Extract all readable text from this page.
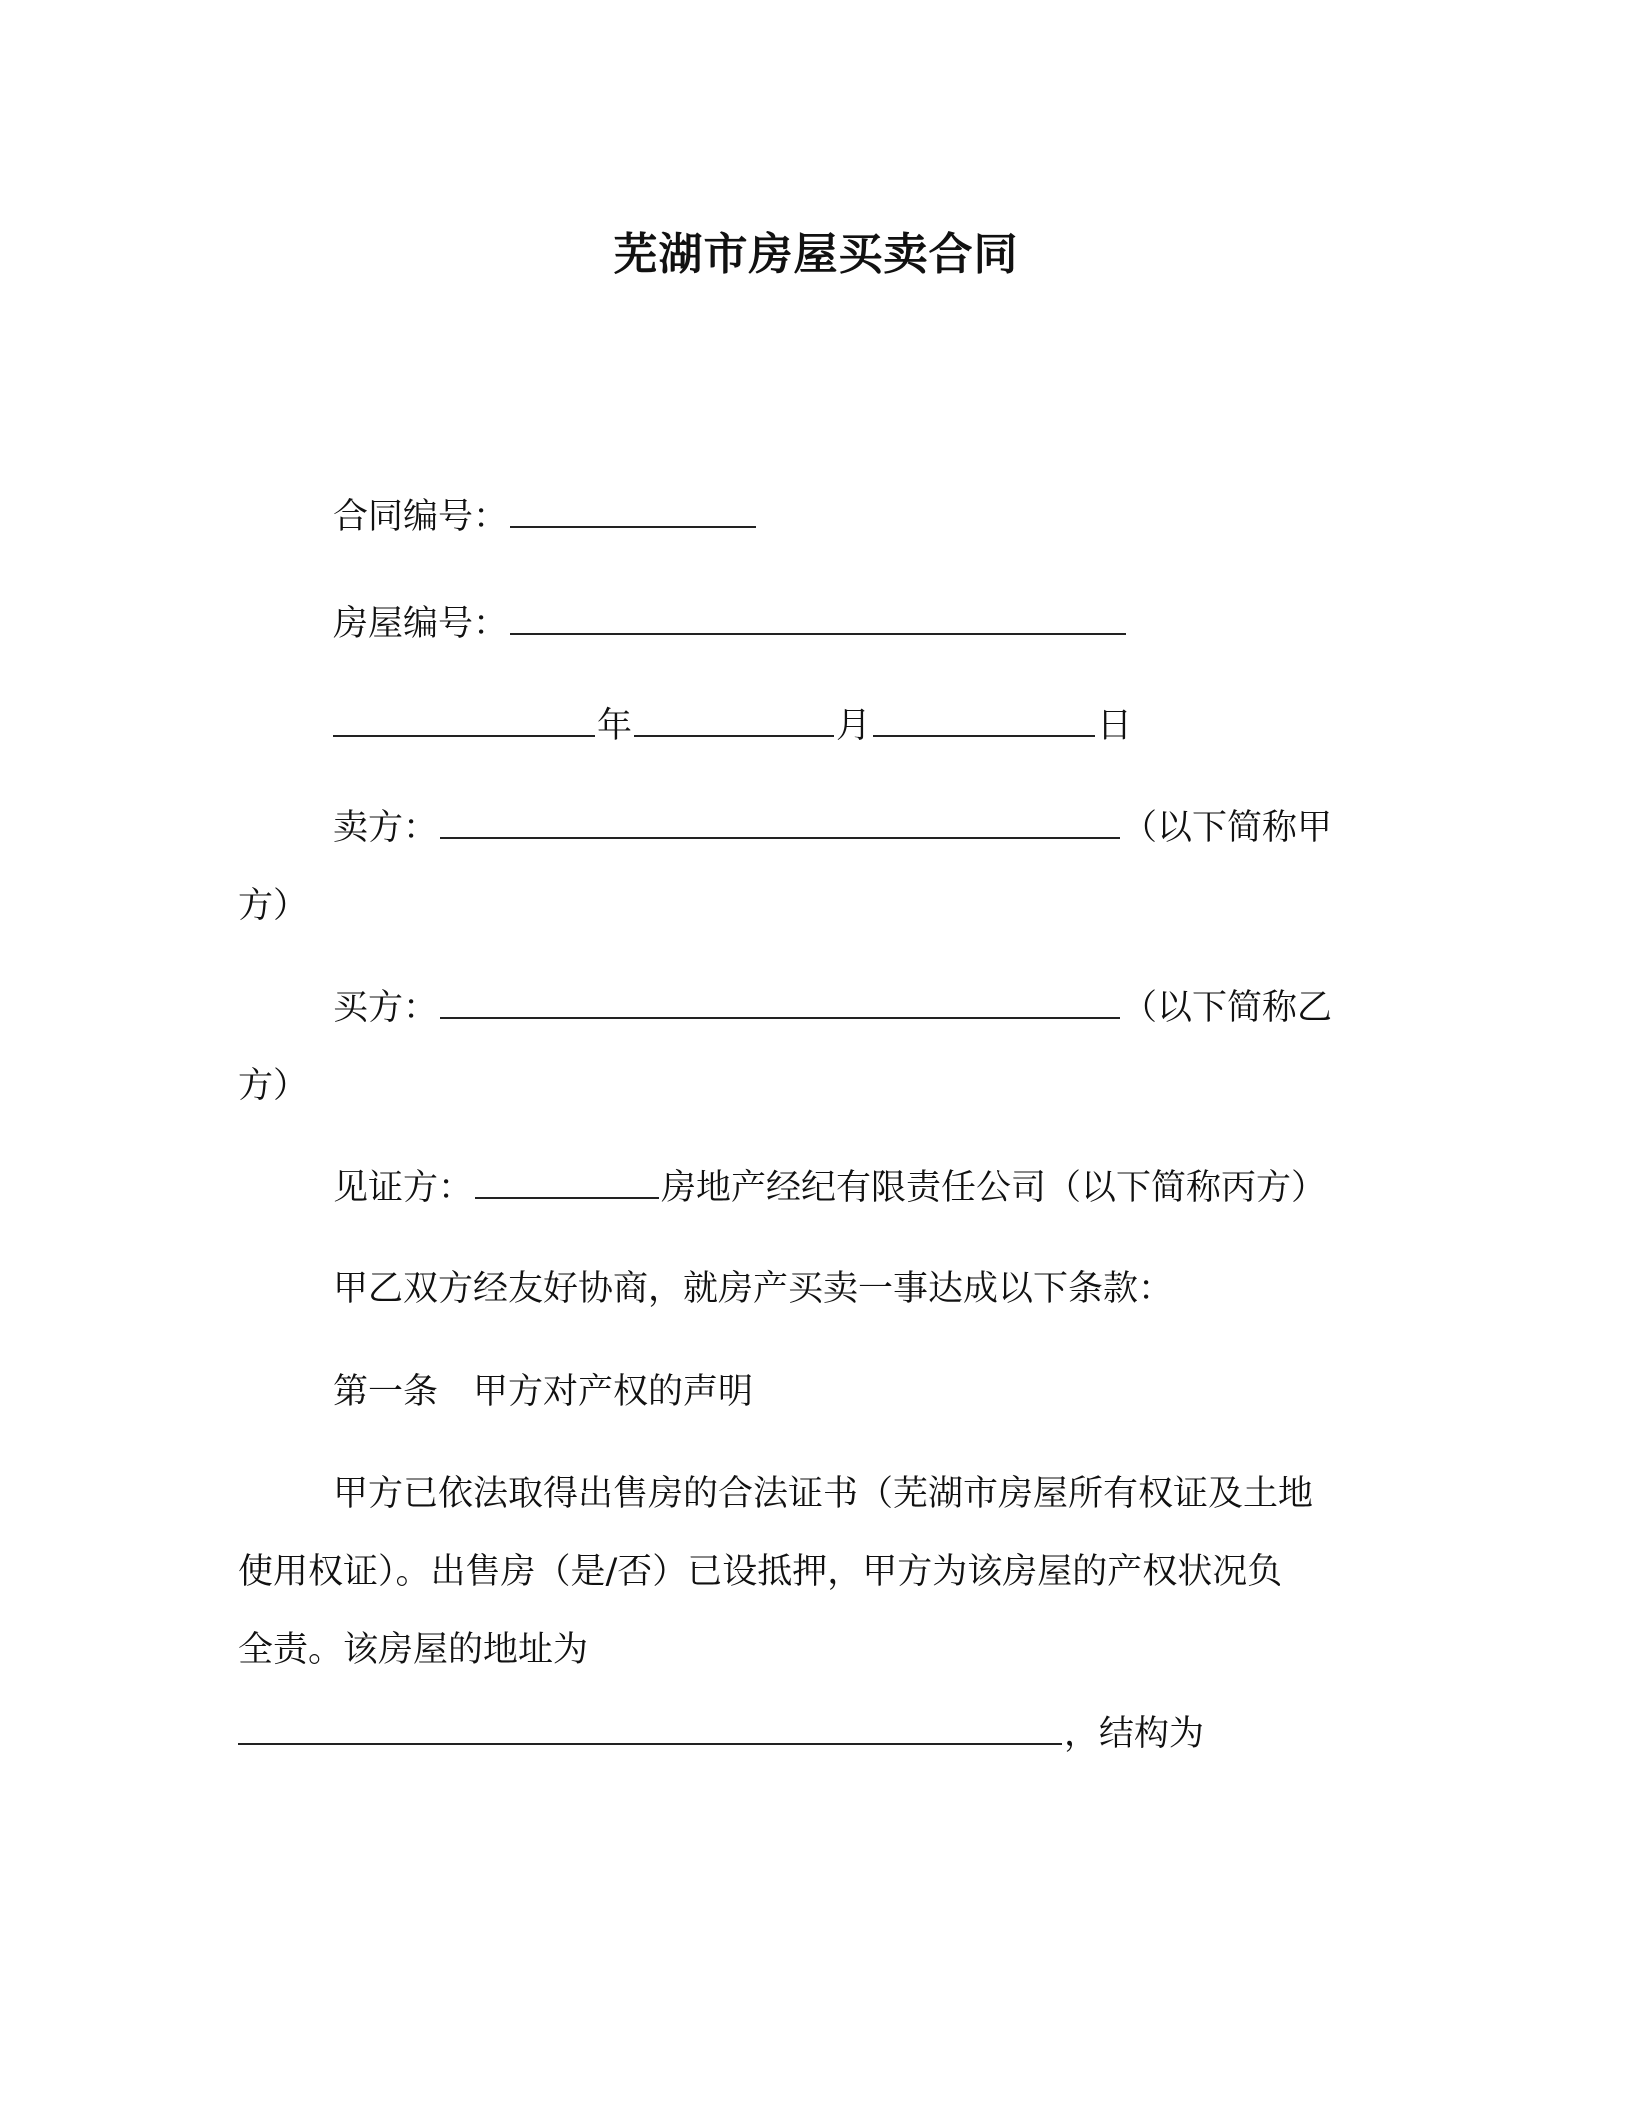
芜湖市房屋买卖合同
合同编号：
房屋编号：
年	月	日
卖方：	（以下简称甲
方）
买方：	（以下简称乙
方）
见证方：	房地产经纪有限责任公司（以下简称丙方）
甲乙双方经友好协商，就房产买卖一事达成以下条款：
第一条　甲方对产权的声明
甲方已依法取得出售房的合法证书（芜湖市房屋所有权证及土地
使用权证）。出售房（是/否）已设抵押，甲方为该房屋的产权状况负
全责。该房屋的地址为
，结构为
